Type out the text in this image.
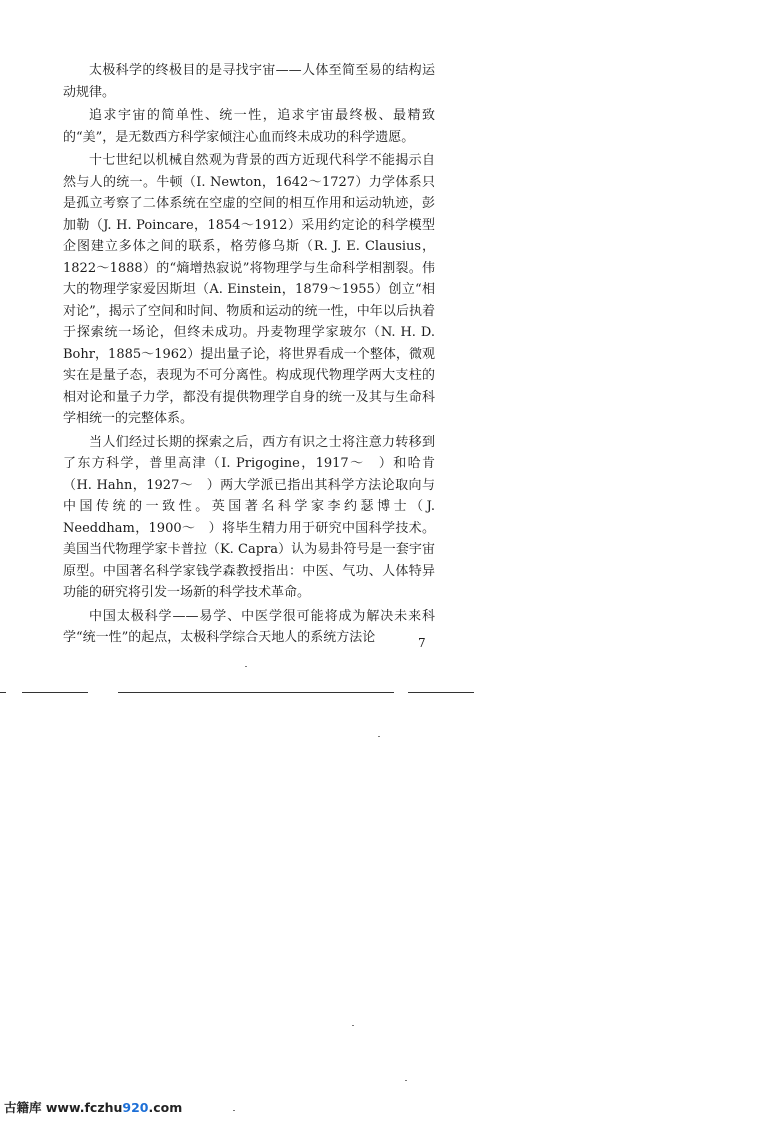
太极科学的终极目的是寻找宇宙——人体至简至易的结构运动规律。

追求宇宙的简单性、统一性，追求宇宙最终极、最精致的“美”，是无数西方科学家倾注心血而终未成功的科学遗愿。

十七世纪以机械自然观为背景的西方近现代科学不能揭示自然与人的统一。牛顿（I. Newton，1642～1727）力学体系只是孤立考察了二体系统在空虚的空间的相互作用和运动轨迹，彭加勒（J. H. Poincare，1854～1912）采用约定论的科学模型企图建立多体之间的联系，格劳修乌斯（R. J. E. Clausius，1822～1888）的“熵增热寂说”将物理学与生命科学相割裂。伟大的物理学家爱因斯坦（A. Einstein，1879～1955）创立“相对论”，揭示了空间和时间、物质和运动的统一性，中年以后执着于探索统一场论，但终未成功。丹麦物理学家玻尔（N. H. D. Bohr，1885～1962）提出量子论，将世界看成一个整体，微观实在是量子态，表现为不可分离性。构成现代物理学两大支柱的相对论和量子力学，都没有提供物理学自身的统一及其与生命科学相统一的完整体系。

当人们经过长期的探索之后，西方有识之士将注意力转移到了东方科学，普里高津（I. Prigogine，1917～　）和哈肯（H. Hahn，1927～　）两大学派已指出其科学方法论取向与中国传统的一致性。英国著名科学家李约瑟博士（J. Needdham，1900～　）将毕生精力用于研究中国科学技术。美国当代物理学家卡普拉（K. Capra）认为易卦符号是一套宇宙原型。中国著名科学家钱学森教授指出：中医、气功、人体特异功能的研究将引发一场新的科学技术革命。

中国太极科学——易学、中医学很可能将成为解决未来科学“统一性”的起点，太极科学综合天地人的系统方法论	7
古籍库 www.fczhu920.com
